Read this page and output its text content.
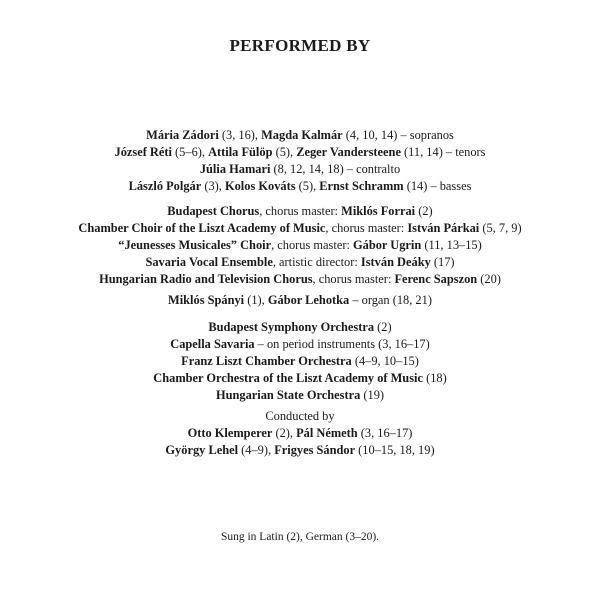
PERFORMED BY
Mária Zádori (3, 16), Magda Kalmár (4, 10, 14) – sopranos
József Réti (5–6), Attila Fülöp (5), Zeger Vandersteene (11, 14) – tenors
Júlia Hamari (8, 12, 14, 18) – contralto
László Polgár (3), Kolos Kováts (5), Ernst Schramm (14) – basses
Budapest Chorus, chorus master: Miklós Forrai (2)
Chamber Choir of the Liszt Academy of Music, chorus master: István Párkai (5, 7, 9)
“Jeunesses Musicales” Choir, chorus master: Gábor Ugrin (11, 13–15)
Savaria Vocal Ensemble, artistic director: István Deáky (17)
Hungarian Radio and Television Chorus, chorus master: Ferenc Sapszon (20)
Miklós Spányi (1), Gábor Lehotka – organ (18, 21)
Budapest Symphony Orchestra (2)
Capella Savaria – on period instruments (3, 16–17)
Franz Liszt Chamber Orchestra (4–9, 10–15)
Chamber Orchestra of the Liszt Academy of Music (18)
Hungarian State Orchestra (19)
Conducted by
Otto Klemperer (2), Pál Németh (3, 16–17)
György Lehel (4–9), Frigyes Sándor (10–15, 18, 19)
Sung in Latin (2), German (3–20).
